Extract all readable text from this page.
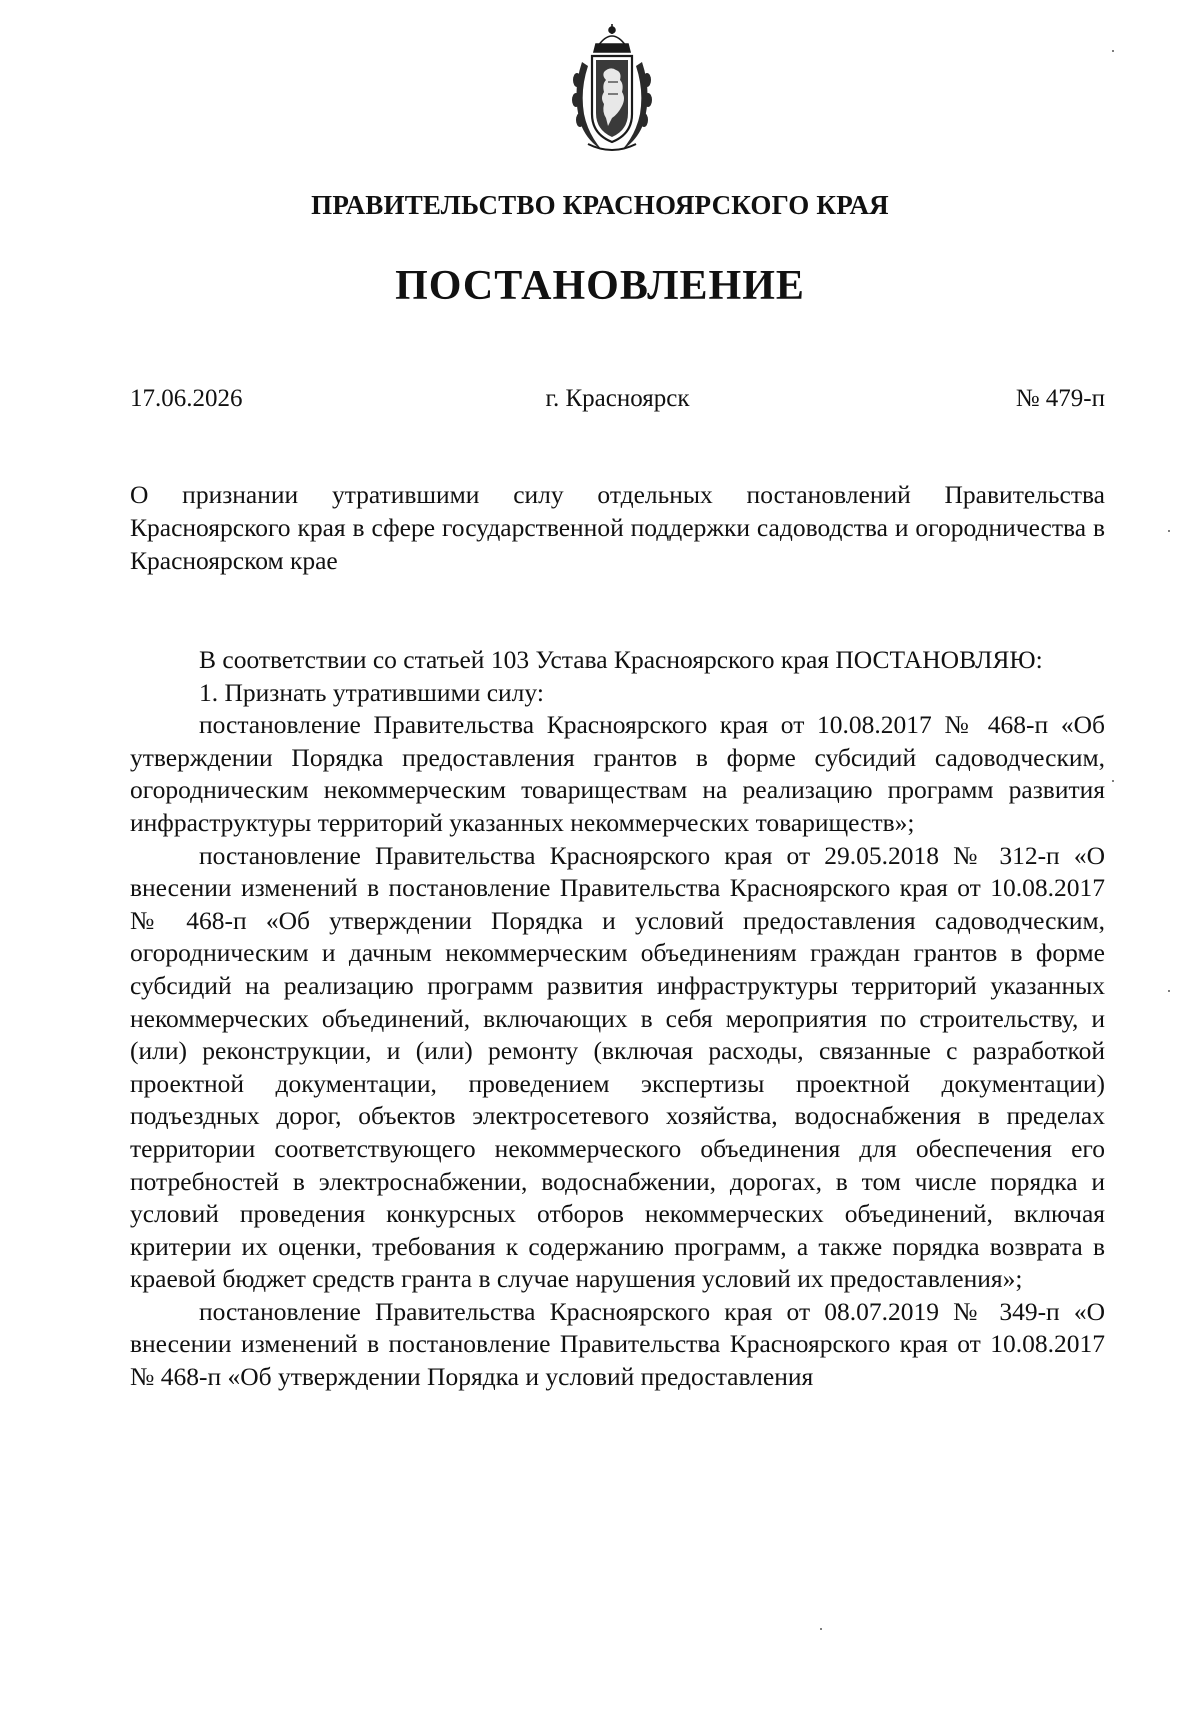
ПРАВИТЕЛЬСТВО КРАСНОЯРСКОГО КРАЯ
ПОСТАНОВЛЕНИЕ
17.06.2026	г. Красноярск	№ 479-п
О признании утратившими силу отдельных постановлений Правительства Красноярского края в сфере государственной поддержки садоводства и огородничества в Красноярском крае

В соответствии со статьей 103 Устава Красноярского края ПОСТАНОВЛЯЮ:

1. Признать утратившими силу:

постановление Правительства Красноярского края от 10.08.2017 № 468-п «Об утверждении Порядка предоставления грантов в форме субсидий садоводческим, огородническим некоммерческим товариществам на реализацию программ развития инфраструктуры территорий указанных некоммерческих товариществ»;

постановление Правительства Красноярского края от 29.05.2018 № 312-п «О внесении изменений в постановление Правительства Красноярского края от 10.08.2017 № 468-п «Об утверждении Порядка и условий предоставления садоводческим, огородническим и дачным некоммерческим объединениям граждан грантов в форме субсидий на реализацию программ развития инфраструктуры территорий указанных некоммерческих объединений, включающих в себя мероприятия по строительству, и (или) реконструкции, и (или) ремонту (включая расходы, связанные с разработкой проектной документации, проведением экспертизы проектной документации) подъездных дорог, объектов электросетевого хозяйства, водоснабжения в пределах территории соответствующего некоммерческого объединения для обеспечения его потребностей в электроснабжении, водоснабжении, дорогах, в том числе порядка и условий проведения конкурсных отборов некоммерческих объединений, включая критерии их оценки, требования к содержанию программ, а также порядка возврата в краевой бюджет средств гранта в случае нарушения условий их предоставления»;

постановление Правительства Красноярского края от 08.07.2019 № 349-п «О внесении изменений в постановление Правительства Красноярского края от 10.08.2017 № 468-п «Об утверждении Порядка и условий предоставления
